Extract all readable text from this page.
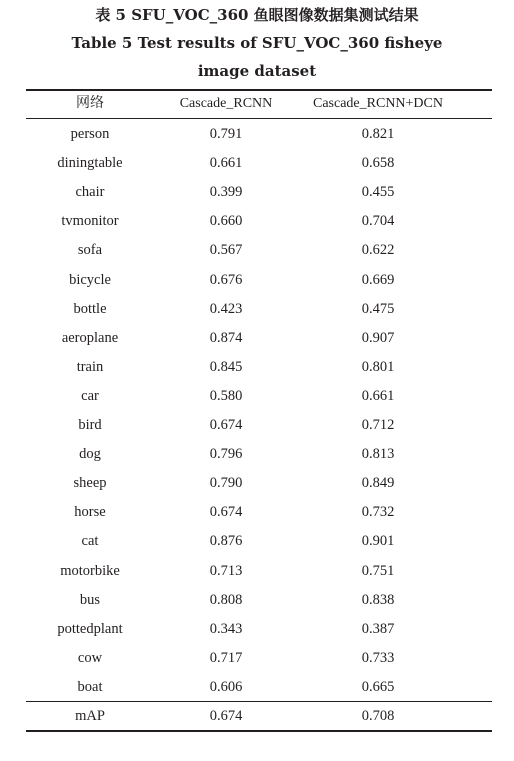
表 5 SFU_VOC_360 鱼眼图像数据集测试结果
Table 5 Test results of SFU_VOC_360 fisheye
image dataset
网络	Cascade_RCNN	Cascade_RCNN+DCN
person	0.791	0.821
diningtable	0.661	0.658
chair	0.399	0.455
tvmonitor	0.660	0.704
sofa	0.567	0.622
bicycle	0.676	0.669
bottle	0.423	0.475
aeroplane	0.874	0.907
train	0.845	0.801
car	0.580	0.661
bird	0.674	0.712
dog	0.796	0.813
sheep	0.790	0.849
horse	0.674	0.732
cat	0.876	0.901
motorbike	0.713	0.751
bus	0.808	0.838
pottedplant	0.343	0.387
cow	0.717	0.733
boat	0.606	0.665
mAP	0.674	0.708
